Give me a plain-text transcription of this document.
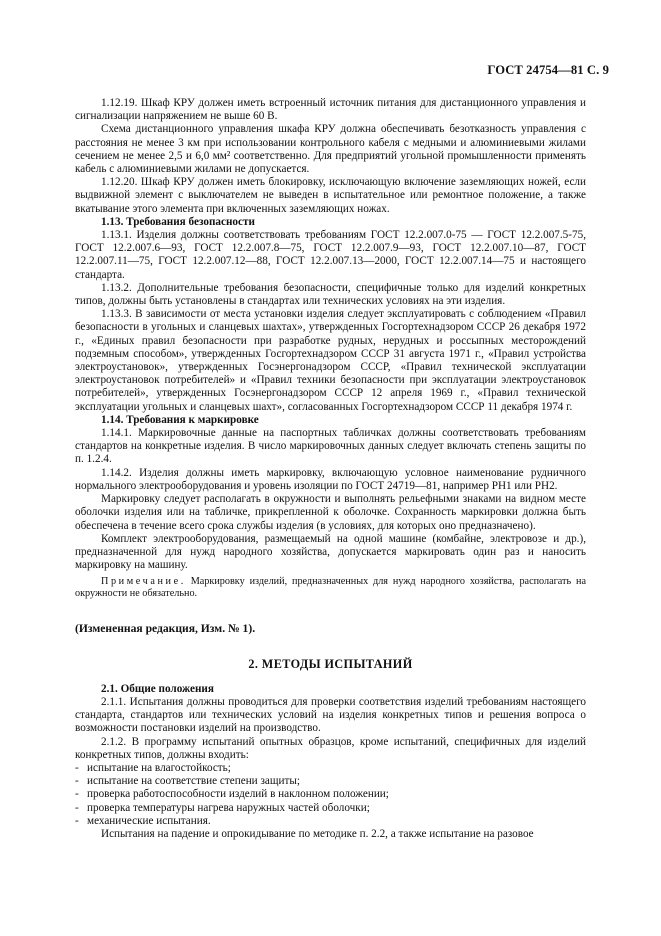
ГОСТ 24754—81 С. 9

1.12.19. Шкаф КРУ должен иметь встроенный источник питания для дистанционного управления и сигнализации напряжением не выше 60 В.

Схема дистанционного управления шкафа КРУ должна обеспечивать безотказность управления с расстояния не менее 3 км при использовании контрольного кабеля с медными и алюминиевыми жилами сечением не менее 2,5 и 6,0 мм² соответственно. Для предприятий угольной промышленности применять кабель с алюминиевыми жилами не допускается.

1.12.20. Шкаф КРУ должен иметь блокировку, исключающую включение заземляющих ножей, если выдвижной элемент с выключателем не выведен в испытательное или ремонтное положение, а также вкатывание этого элемента при включенных заземляющих ножах.

1.13. Требования безопасности

1.13.1. Изделия должны соответствовать требованиям ГОСТ 12.2.007.0-75 — ГОСТ 12.2.007.5-75, ГОСТ 12.2.007.6—93, ГОСТ 12.2.007.8—75, ГОСТ 12.2.007.9—93, ГОСТ 12.2.007.10—87, ГОСТ 12.2.007.11—75, ГОСТ 12.2.007.12—88, ГОСТ 12.2.007.13—2000, ГОСТ 12.2.007.14—75 и настоящего стандарта.

1.13.2. Дополнительные требования безопасности, специфичные только для изделий конкретных типов, должны быть установлены в стандартах или технических условиях на эти изделия.

1.13.3. В зависимости от места установки изделия следует эксплуатировать с соблюдением «Правил безопасности в угольных и сланцевых шахтах», утвержденных Госгортехнадзором СССР 26 декабря 1972 г., «Единых правил безопасности при разработке рудных, нерудных и россыпных месторождений подземным способом», утвержденных Госгортехнадзором СССР 31 августа 1971 г., «Правил устройства электроустановок», утвержденных Госэнергонадзором СССР, «Правил технической эксплуатации электроустановок потребителей» и «Правил техники безопасности при эксплуатации электроустановок потребителей», утвержденных Госэнергонадзором СССР 12 апреля 1969 г., «Правил технической эксплуатации угольных и сланцевых шахт», согласованных Госгортехнадзором СССР 11 декабря 1974 г.

1.14. Требования к маркировке

1.14.1. Маркировочные данные на паспортных табличках должны соответствовать требованиям стандартов на конкретные изделия. В число маркировочных данных следует включать степень защиты по п. 1.2.4.

1.14.2. Изделия должны иметь маркировку, включающую условное наименование рудничного нормального электрооборудования и уровень изоляции по ГОСТ 24719—81, например РН1 или РН2.

Маркировку следует располагать в окружности и выполнять рельефными знаками на видном месте оболочки изделия или на табличке, прикрепленной к оболочке. Сохранность маркировки должна быть обеспечена в течение всего срока службы изделия (в условиях, для которых оно предназначено).

Комплект электрооборудования, размещаемый на одной машине (комбайне, электровозе и др.), предназначенной для нужд народного хозяйства, допускается маркировать один раз и наносить маркировку на машину.

Примечание. Маркировку изделий, предназначенных для нужд народного хозяйства, располагать на окружности не обязательно.

(Измененная редакция, Изм. № 1).

2. МЕТОДЫ ИСПЫТАНИЙ

2.1. Общие положения

2.1.1. Испытания должны проводиться для проверки соответствия изделий требованиям настоящего стандарта, стандартов или технических условий на изделия конкретных типов и решения вопроса о возможности постановки изделий на производство.

2.1.2. В программу испытаний опытных образцов, кроме испытаний, специфичных для изделий конкретных типов, должны входить:

- испытание на влагостойкость;

- испытание на соответствие степени защиты;

- проверка работоспособности изделий в наклонном положении;

- проверка температуры нагрева наружных частей оболочки;

- механические испытания.

Испытания на падение и опрокидывание по методике п. 2.2, а также испытание на разовое
